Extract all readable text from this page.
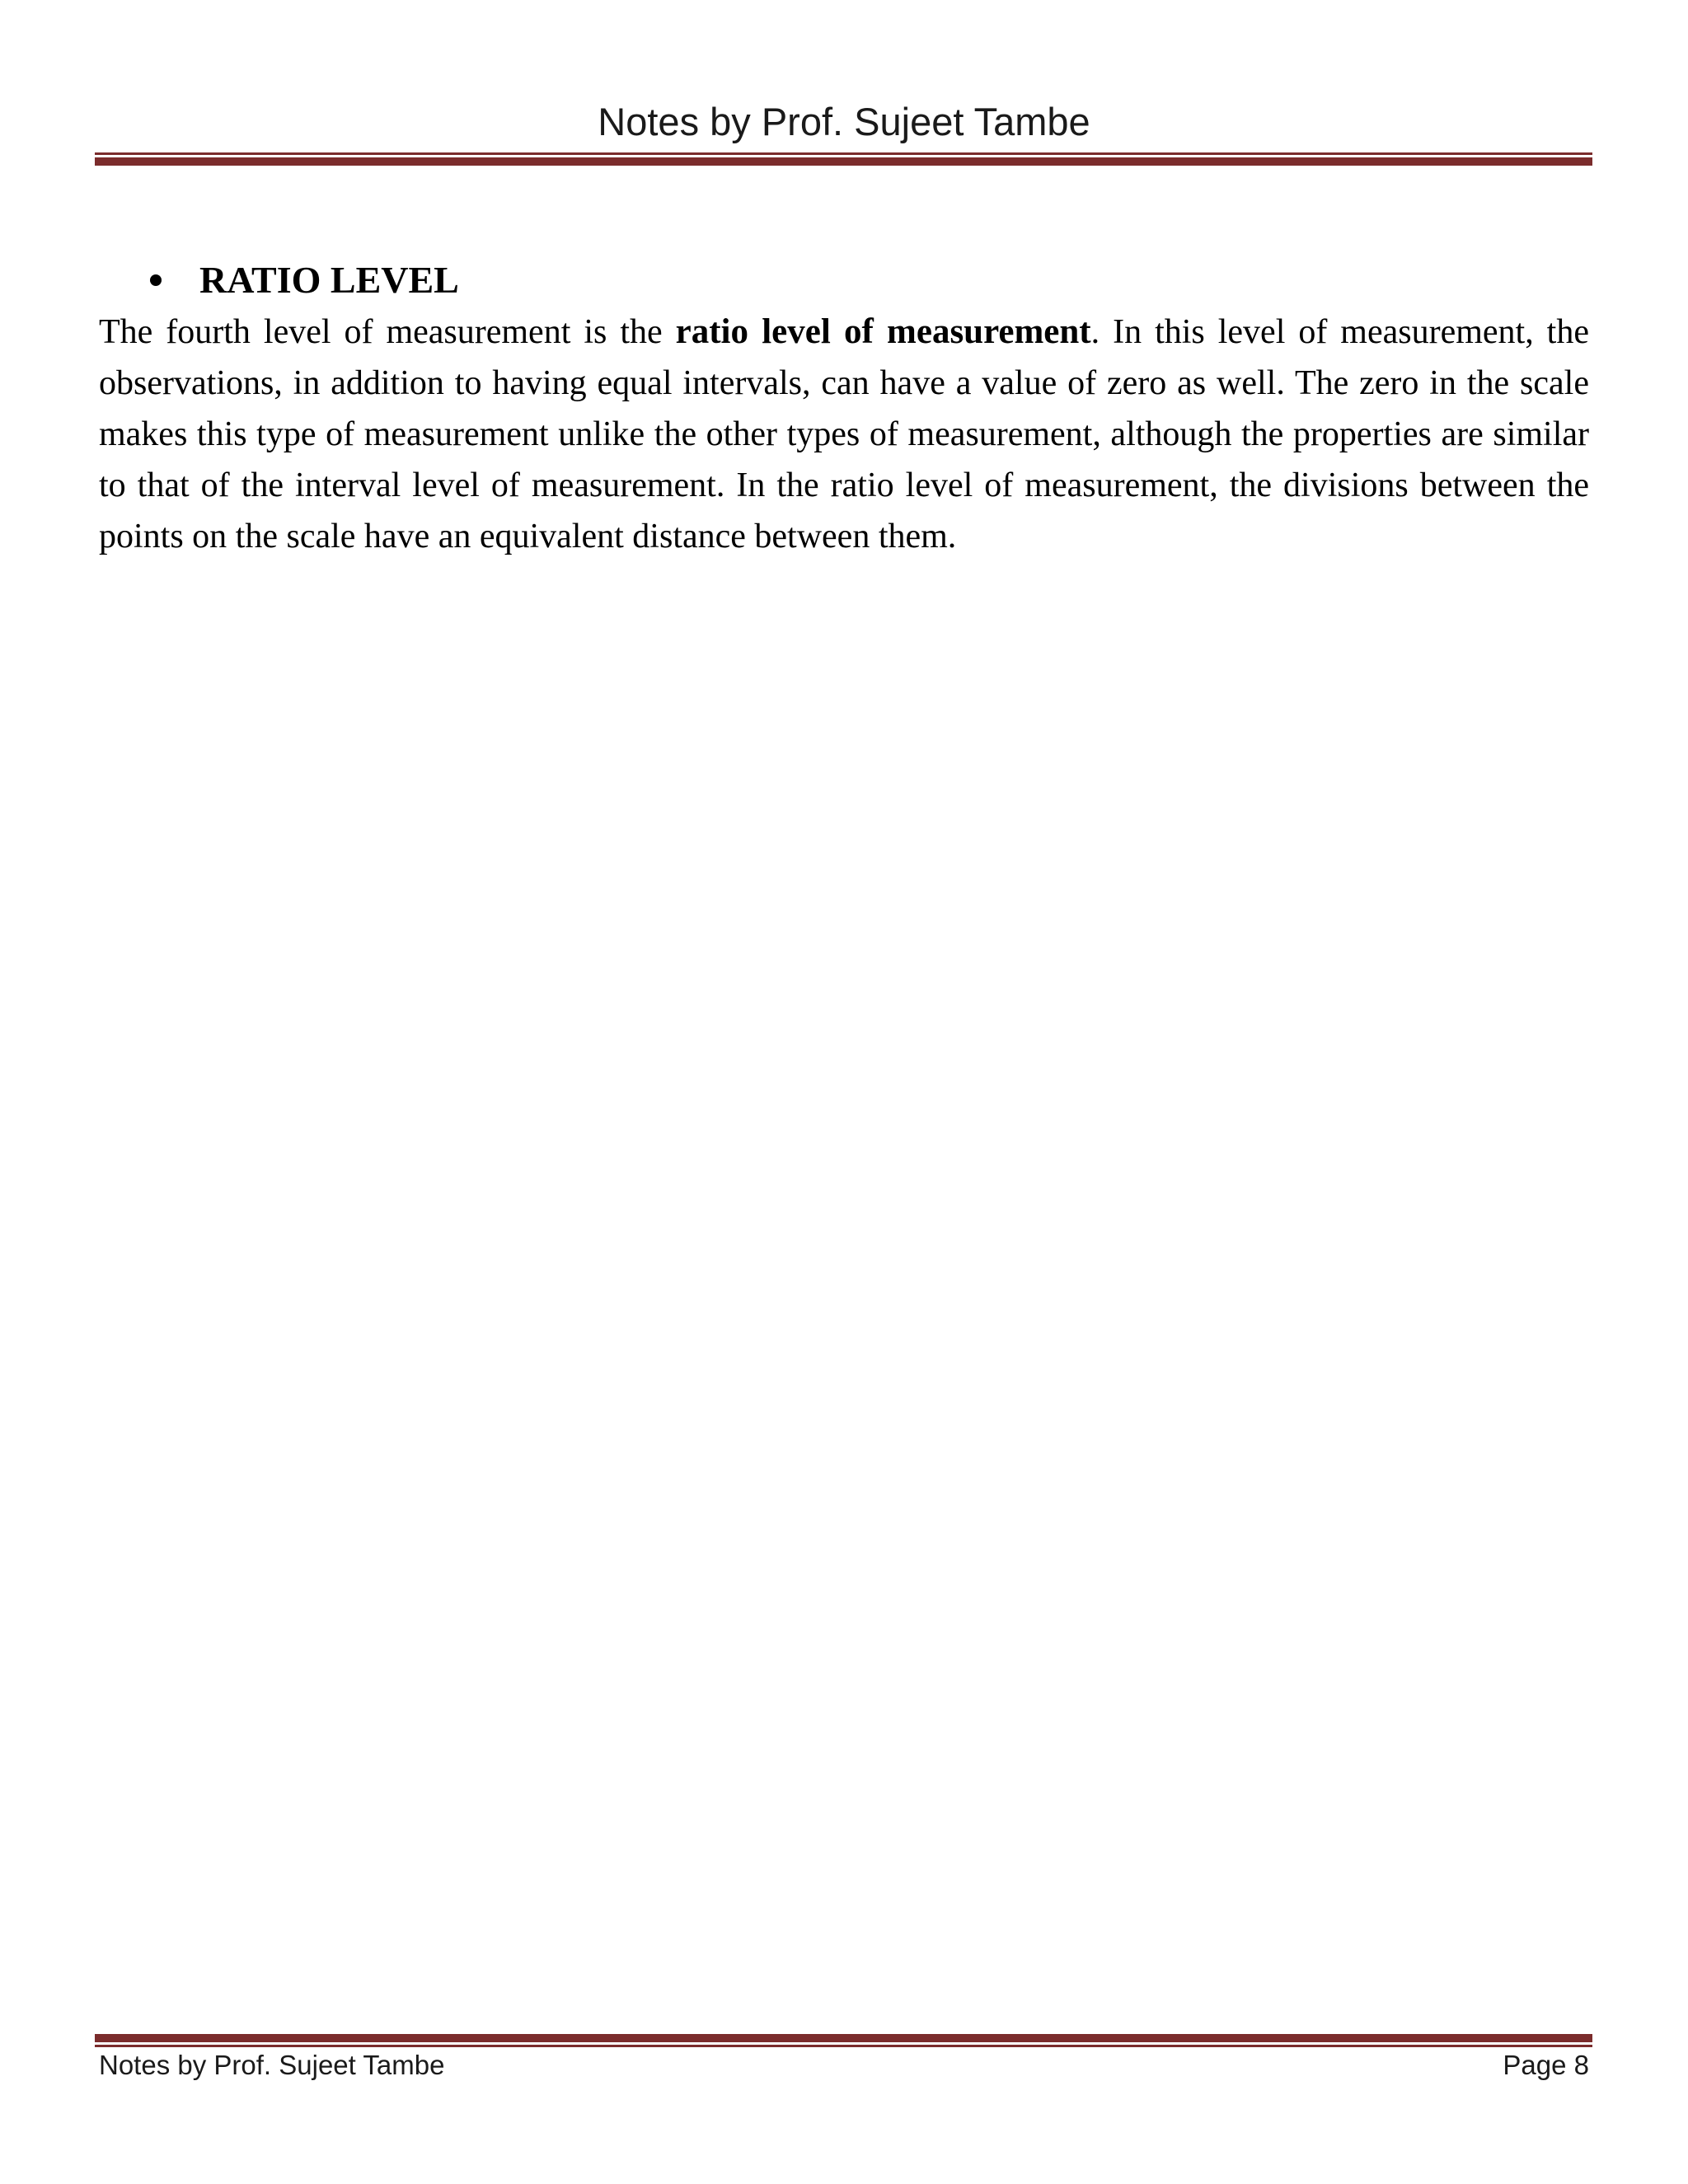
Notes by Prof. Sujeet Tambe
RATIO LEVEL

The fourth level of measurement is the ratio level of measurement. In this level of measurement, the observations, in addition to having equal intervals, can have a value of zero as well. The zero in the scale makes this type of measurement unlike the other types of measurement, although the properties are similar to that of the interval level of measurement. In the ratio level of measurement, the divisions between the points on the scale have an equivalent distance between them.

Notes by Prof. Sujeet Tambe	Page 8
